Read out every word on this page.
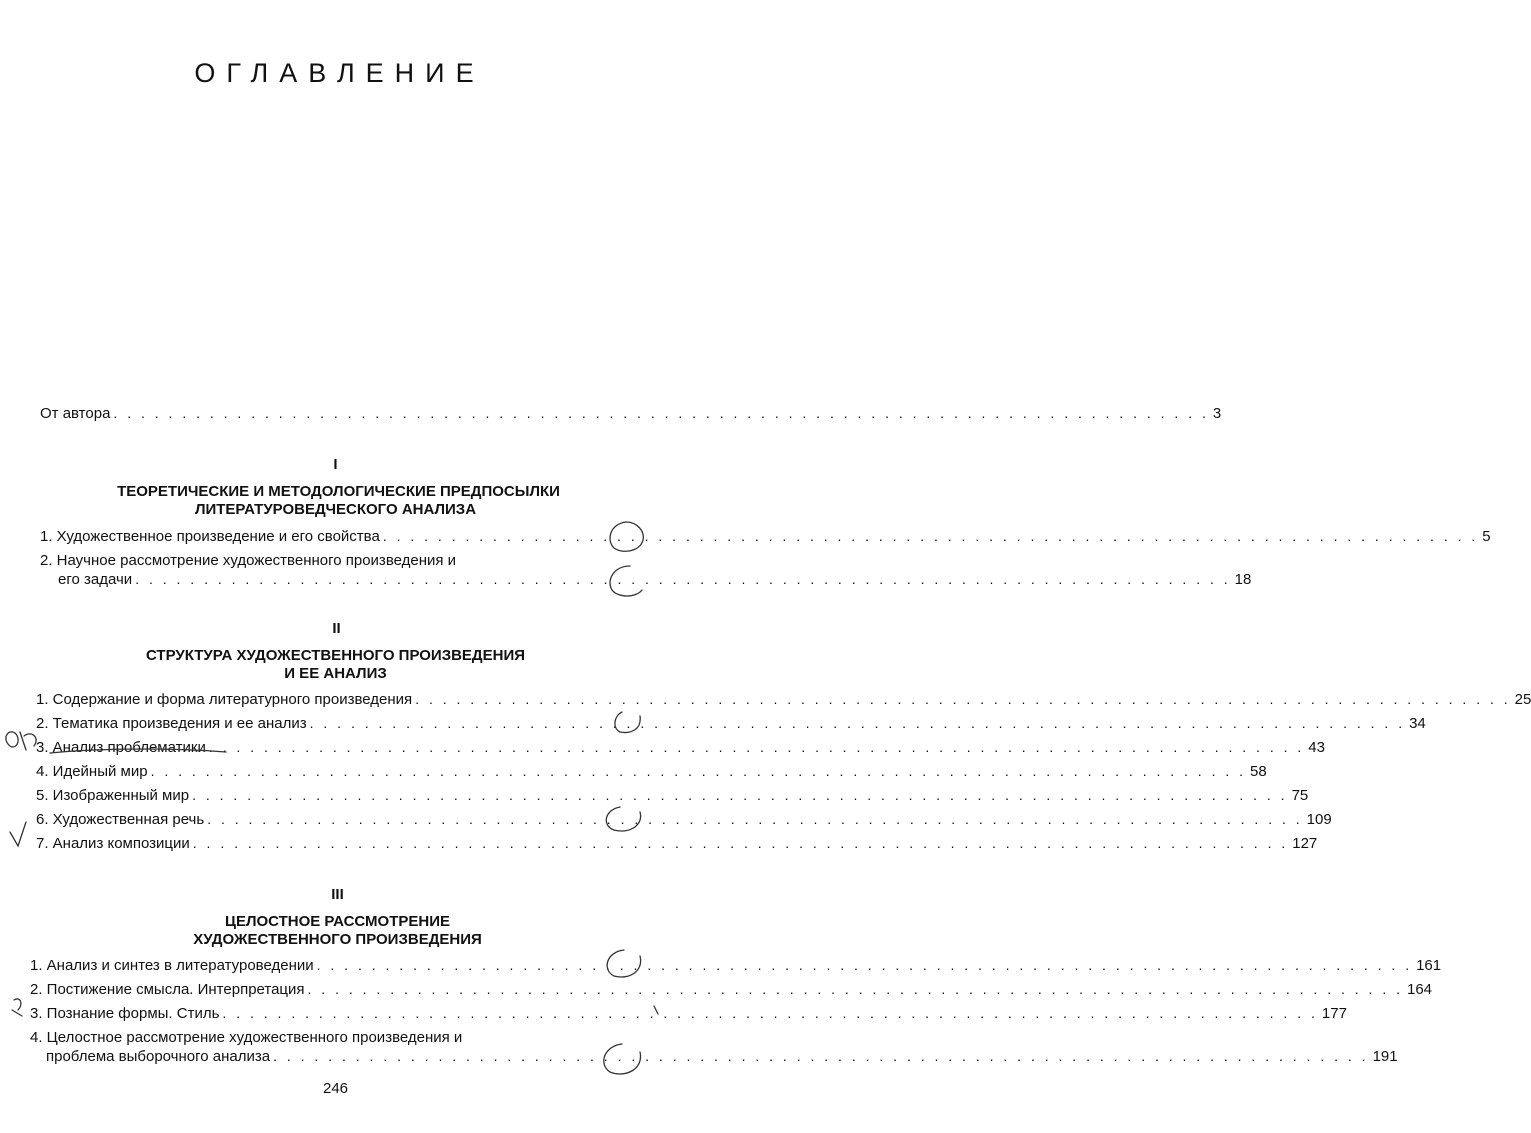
ОГЛАВЛЕНИЕ
От автора . . . . . . . . . . . . . . . . . . . . . . . . . . . . . . . . . . . . . . . . . . . . . . . . . . . . . . . . . . . . . . . . . . . . . . . . . . . . . . . . 3
I
ТЕОРЕТИЧЕСКИЕ И МЕТОДОЛОГИЧЕСКИЕ ПРЕДПОСЫЛКИ
ЛИТЕРАТУРОВЕДЧЕСКОГО АНАЛИЗА
1. Художественное произведение и его свойства . . . . . . . . . . . . . . . . . . . . . . . . . . . . . . . . . . . . . . . . . . . . . . . . . . . . . . . . . . . . . . . . . . . . . . . . . . . . . . . . 5
2. Научное рассмотрение художественного произведения и
его задачи . . . . . . . . . . . . . . . . . . . . . . . . . . . . . . . . . . . . . . . . . . . . . . . . . . . . . . . . . . . . . . . . . . . . . . . . . . . . . . . . 18
II
СТРУКТУРА ХУДОЖЕСТВЕННОГО ПРОИЗВЕДЕНИЯ
И ЕЕ АНАЛИЗ
1. Содержание и форма литературного произведения . . . . . . . . . . . . . . . . . . . . . . . . . . . . . . . . . . . . . . . . . . . . . . . . . . . . . . . . . . . . . . . . . . . . . . . . . . . . . . . . 25
2. Тематика произведения и ее анализ . . . . . . . . . . . . . . . . . . . . . . . . . . . . . . . . . . . . . . . . . . . . . . . . . . . . . . . . . . . . . . . . . . . . . . . . . . . . . . . . 34
3. Анализ проблематики . . . . . . . . . . . . . . . . . . . . . . . . . . . . . . . . . . . . . . . . . . . . . . . . . . . . . . . . . . . . . . . . . . . . . . . . . . . . . . . . 43
4. Идейный мир . . . . . . . . . . . . . . . . . . . . . . . . . . . . . . . . . . . . . . . . . . . . . . . . . . . . . . . . . . . . . . . . . . . . . . . . . . . . . . . . 58
5. Изображенный мир . . . . . . . . . . . . . . . . . . . . . . . . . . . . . . . . . . . . . . . . . . . . . . . . . . . . . . . . . . . . . . . . . . . . . . . . . . . . . . . . 75
6. Художественная речь . . . . . . . . . . . . . . . . . . . . . . . . . . . . . . . . . . . . . . . . . . . . . . . . . . . . . . . . . . . . . . . . . . . . . . . . . . . . . . . . 109
7. Анализ композиции . . . . . . . . . . . . . . . . . . . . . . . . . . . . . . . . . . . . . . . . . . . . . . . . . . . . . . . . . . . . . . . . . . . . . . . . . . . . . . . . 127
III
ЦЕЛОСТНОЕ РАССМОТРЕНИЕ
ХУДОЖЕСТВЕННОГО ПРОИЗВЕДЕНИЯ
1. Анализ и синтез в литературоведении . . . . . . . . . . . . . . . . . . . . . . . . . . . . . . . . . . . . . . . . . . . . . . . . . . . . . . . . . . . . . . . . . . . . . . . . . . . . . . . . 161
2. Постижение смысла. Интерпретация . . . . . . . . . . . . . . . . . . . . . . . . . . . . . . . . . . . . . . . . . . . . . . . . . . . . . . . . . . . . . . . . . . . . . . . . . . . . . . . . 164
3. Познание формы. Стиль . . . . . . . . . . . . . . . . . . . . . . . . . . . . . . . . . . . . . . . . . . . . . . . . . . . . . . . . . . . . . . . . . . . . . . . . . . . . . . . . 177
4. Целостное рассмотрение художественного произведения и
проблема выборочного анализа . . . . . . . . . . . . . . . . . . . . . . . . . . . . . . . . . . . . . . . . . . . . . . . . . . . . . . . . . . . . . . . . . . . . . . . . . . . . . . . . 191
246
